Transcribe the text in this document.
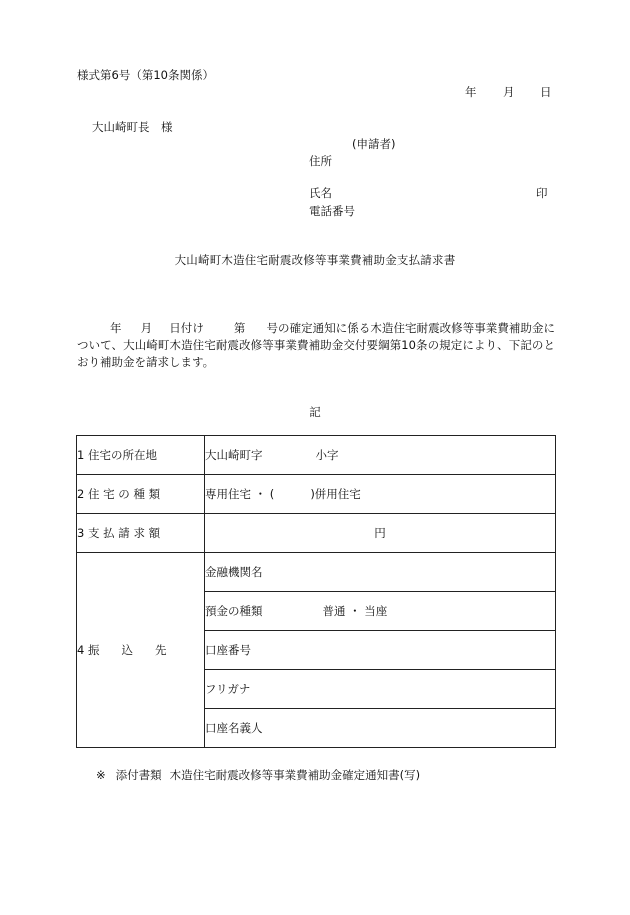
様式第6号（第10条関係）
年 月 日
大山崎町長　様
(申請者)
住所
氏名	印
電話番号
大山崎町木造住宅耐震改修等事業費補助金支払請求書
年 月 日付け	第 号の確定通知に係る木造住宅耐震改修等事業費補助金について、大山崎町木造住宅耐震改修等事業費補助金交付要綱第10条の規定により、下記のとおり補助金を請求します。
記
1 住宅の所在地	大山崎町字 小字
2 住 宅 の 種 類	専用住宅 ・ ( )併用住宅
3 支 払 請 求 額	円
4 振 込 先	金融機関名
	預金の種類 普通 ・ 当座
	口座番号
	フリガナ
	口座名義人
※ 添付書類 木造住宅耐震改修等事業費補助金確定通知書(写)
